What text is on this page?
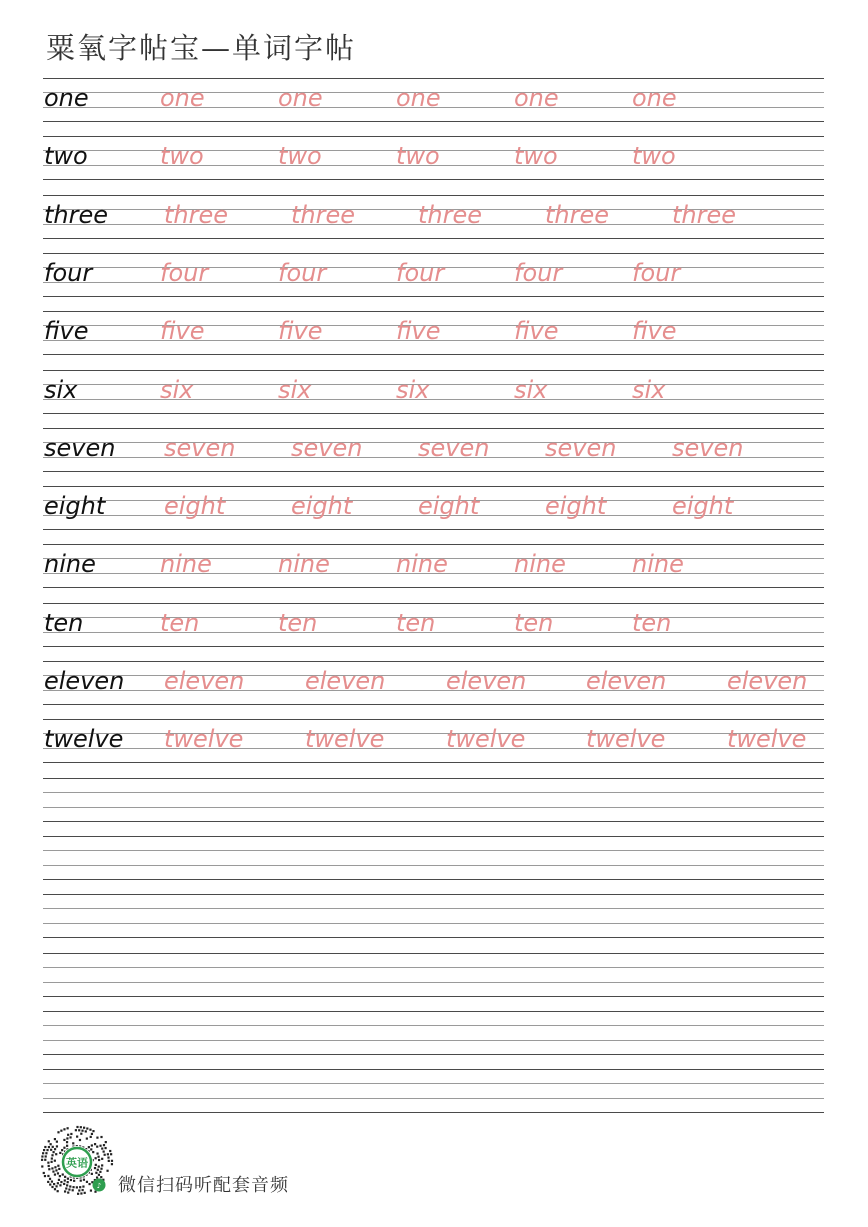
粟氧字帖宝—单词字帖
one	one	one	one	one	one
two	two	two	two	two	two
three three	three	three	three	three
four	four	four	four	four	four
five	five	five	five	five	five
six	six	six	six	six	six
seven seven seven seven seven seven
eight eight	eight	eight	eight	eight
nine	nine	nine	nine	nine	nine
ten	ten	ten	ten	ten	ten
eleven eleven	eleven	eleven eleven	eleven
twelve twelve	twelve	twelve	twelve	twelve
英语
♪ 微信扫码听配套音频
